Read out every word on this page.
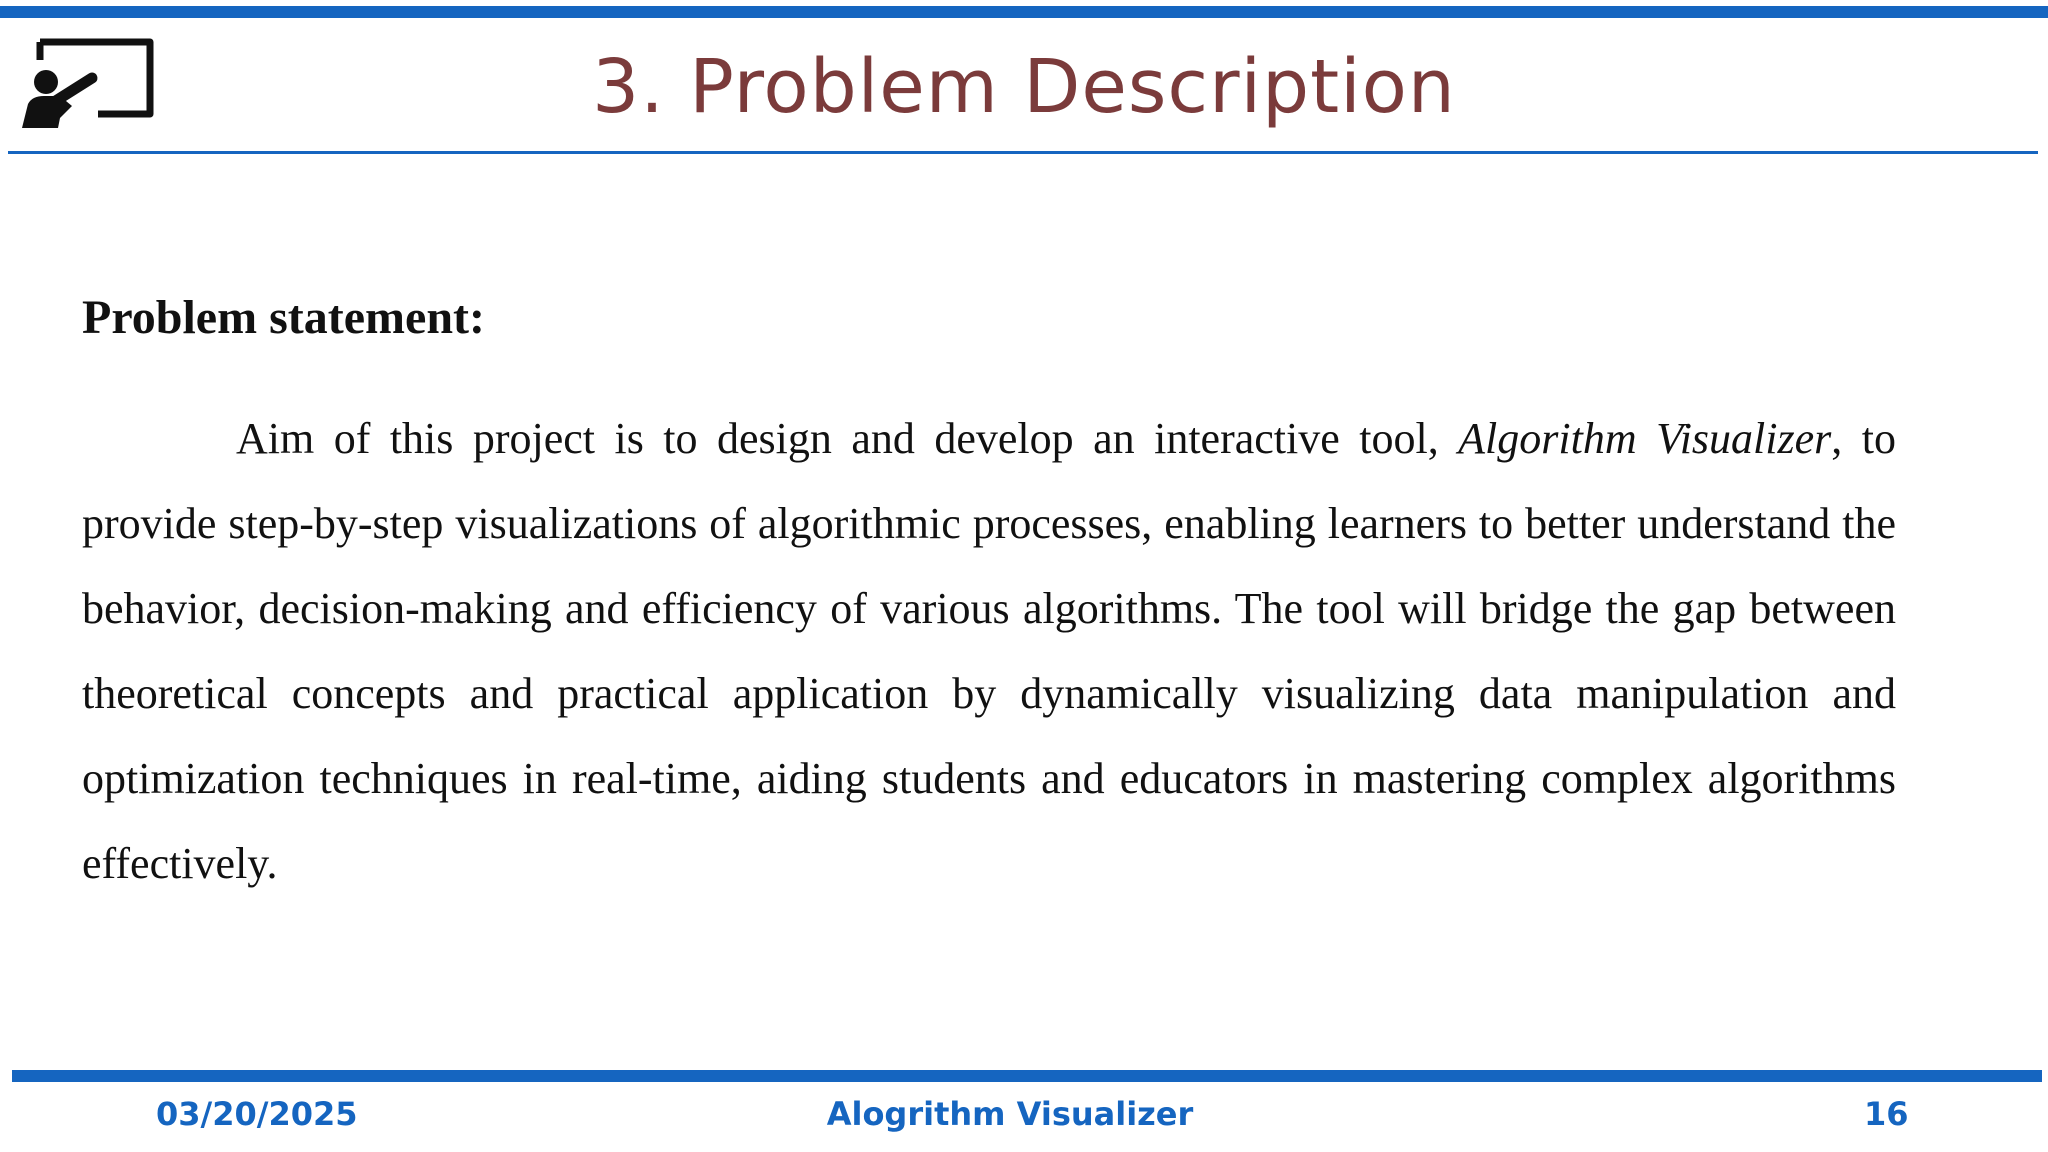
3. Problem Description
Problem statement:

Aim of this project is to design and develop an interactive tool, Algorithm Visualizer, to provide step-by-step visualizations of algorithmic processes, enabling learners to better understand the behavior, decision-making and efficiency of various algorithms. The tool will bridge the gap between theoretical concepts and practical application by dynamically visualizing data manipulation and optimization techniques in real-time, aiding students and educators in mastering complex algorithms effectively.

03/20/2025	Alogrithm Visualizer	16
